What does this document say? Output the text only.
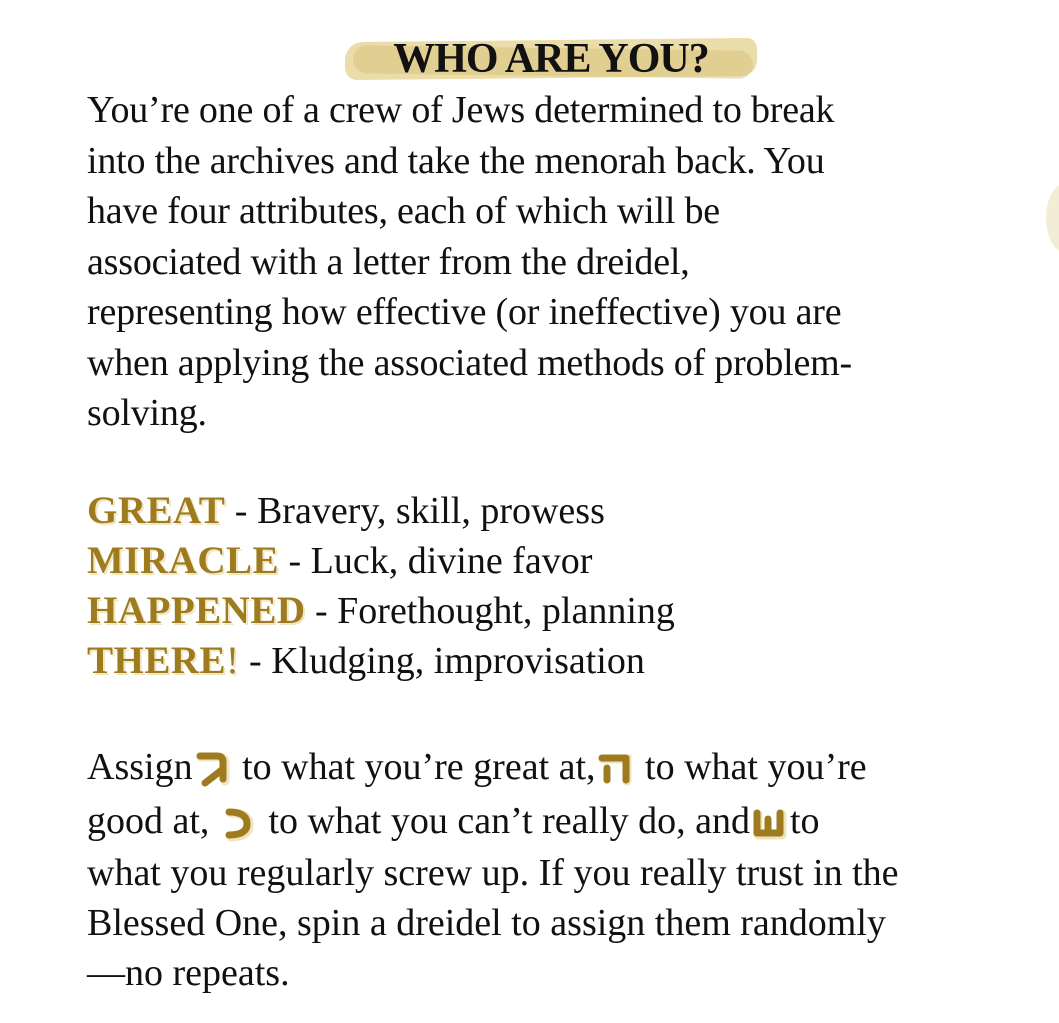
WHO ARE YOU?
You’re one of a crew of Jews determined to break
into the archives and take the menorah back. You
have four attributes, each of which will be
associated with a letter from the dreidel,
representing how effective (or ineffective) you are
when applying the associated methods of problem-
solving.
GREAT - Bravery, skill, prowess
MIRACLE - Luck, divine favor
HAPPENED - Forethought, planning
THERE! - Kludging, improvisation
Assign to what you’re great at, to what you’re
good at, to what you can’t really do, and to
what you regularly screw up. If you really trust in the
Blessed One, spin a dreidel to assign them randomly
—no repeats.
